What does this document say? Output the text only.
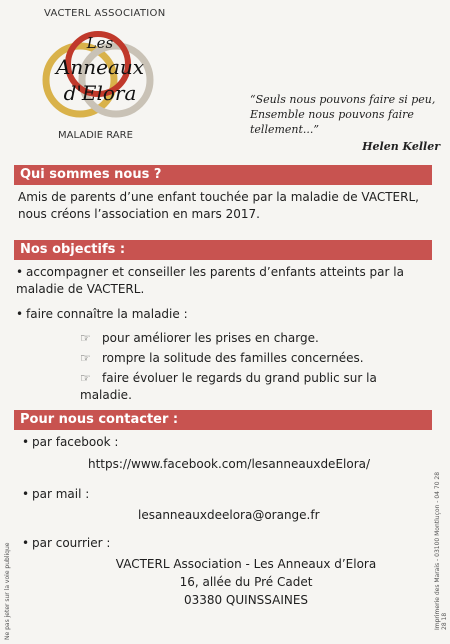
VACTERL ASSOCIATION
Les
Anneaux
d'Elora
MALADIE RARE
“Seuls nous pouvons faire si peu,
Ensemble nous pouvons faire tellement...”
Helen Keller
Qui sommes nous ?
Amis de parents d’une enfant touchée par la maladie de VACTERL, nous créons l’association en mars 2017.
Nos objectifs :
• accompagner et conseiller les parents d’enfants atteints par la maladie de VACTERL.
• faire connaître la maladie :
☞ pour améliorer les prises en charge.
☞ rompre la solitude des familles concernées.
☞ faire évoluer le regards du grand public sur la maladie.
Pour nous contacter :
• par facebook :
https://www.facebook.com/lesanneauxdeElora/
• par mail :
lesanneauxdeelora@orange.fr
• par courrier :
VACTERL Association - Les Anneaux d’Elora
16, allée du Pré Cadet
03380 QUINSSAINES
Ne pas jeter sur la voie publique	Imprimerie des Marais - 03100 Montluçon - 04 70 28 28 18
